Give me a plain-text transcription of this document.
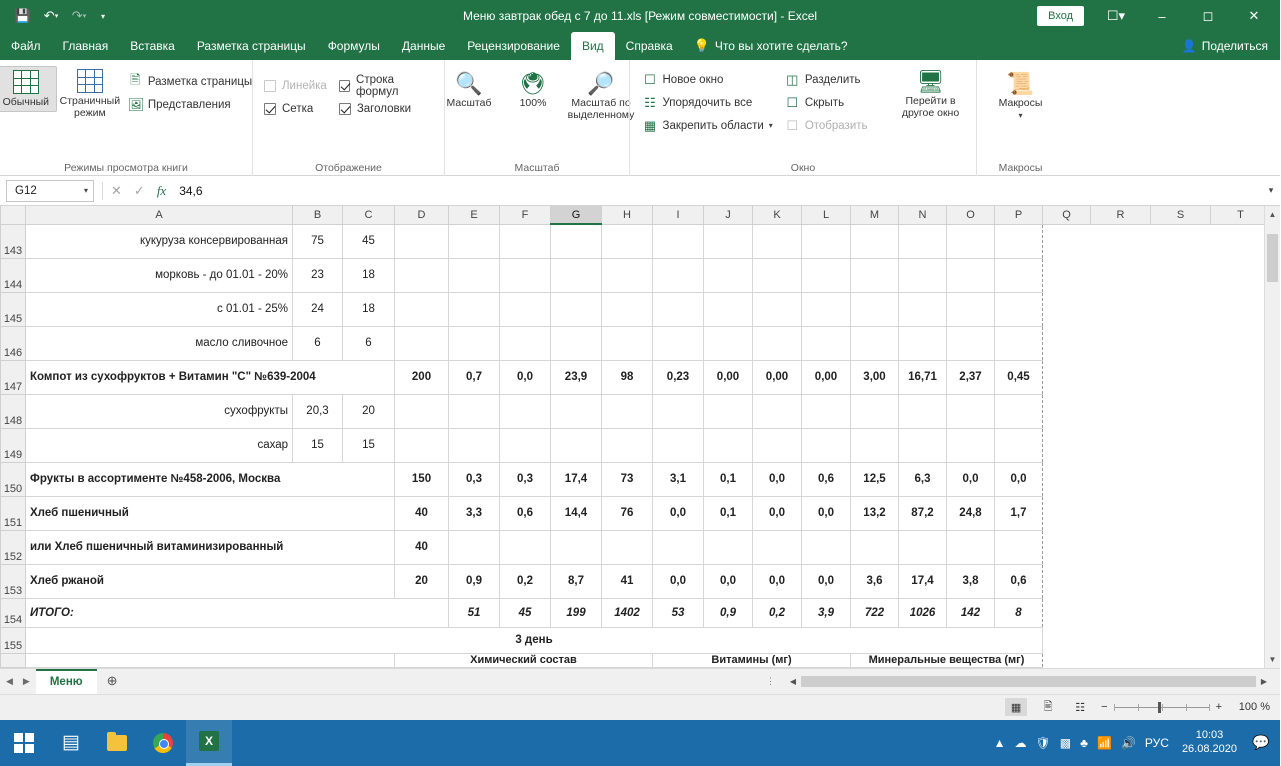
💾 ↶ ▾	↷ ▾	▾	Меню завтрак обед с 7 до 11.xls [Режим совместимости] - Excel	Вход	☐▾	–	◻	✕
Файл	Главная	Вставка	Разметка страницы	Формулы	Данные	Рецензирование	Вид	Справка	💡 Что вы хотите сделать?	👤 Поделиться
Обычный Страничный режим
🖹 Разметка страницы
🖼 Представления
Режимы просмотра книги
Линейка
Сетка
Строка формул
Заголовки
Отображение
🔍
Масштаб
🖲
100%
🔎
Масштаб по выделенному
Масштаб
☐ Новое окно
☷ Упорядочить все
▦ Закрепить области ▾
◫ Разделить
☐ Скрыть
☐ Отобразить
🖥
Перейти в другое окно
Окно
📜
Макросы
▾
Макросы
G12	▾ ✕ ✓ fx 34,6	▾
	A	B	C	D	E	F	G	H	I	J	K	L	M	N	O	P	Q	R	S	T
143	кукуруза консервированная	75	45																	
144	морковь - до 01.01 - 20%	23	18																	
145	с 01.01 - 25%	24	18																	
146	масло сливочное	6	6																	
147	Компот из сухофруктов + Витамин "С" №639-2004			200	0,7	0,0	23,9	98	0,23	0,00	0,00	0,00	3,00	16,71	2,37	0,45				
148	сухофрукты	20,3	20																	
149	сахар	15	15																	
150	Фрукты в ассортименте №458-2006, Москва			150	0,3	0,3	17,4	73	3,1	0,1	0,0	0,6	12,5	6,3	0,0	0,0				
151	Хлеб пшеничный			40	3,3	0,6	14,4	76	0,0	0,1	0,0	0,0	13,2	87,2	24,8	1,7				
152	или Хлеб пшеничный витаминизированный			40																
153	Хлеб ржаной			20	0,9	0,2	8,7	41	0,0	0,0	0,0	0,0	3,6	17,4	3,8	0,6				
154	ИТОГО:				51	45	199	1402	53	0,9	0,2	3,9	722	1026	142	8				
155	3 день																			
				Химический состав					Витамины (мг)				Минеральные вещества (мг)							
▲
▼
◀ ▶	Меню	⊕	⋮	◀	▶
▦	🖹	☷	−	+	100 %
▤	X	▲ ☁ 🛡 ▩ ♣ 📶 🔊 РУС
10:03
26.08.2020 💬
